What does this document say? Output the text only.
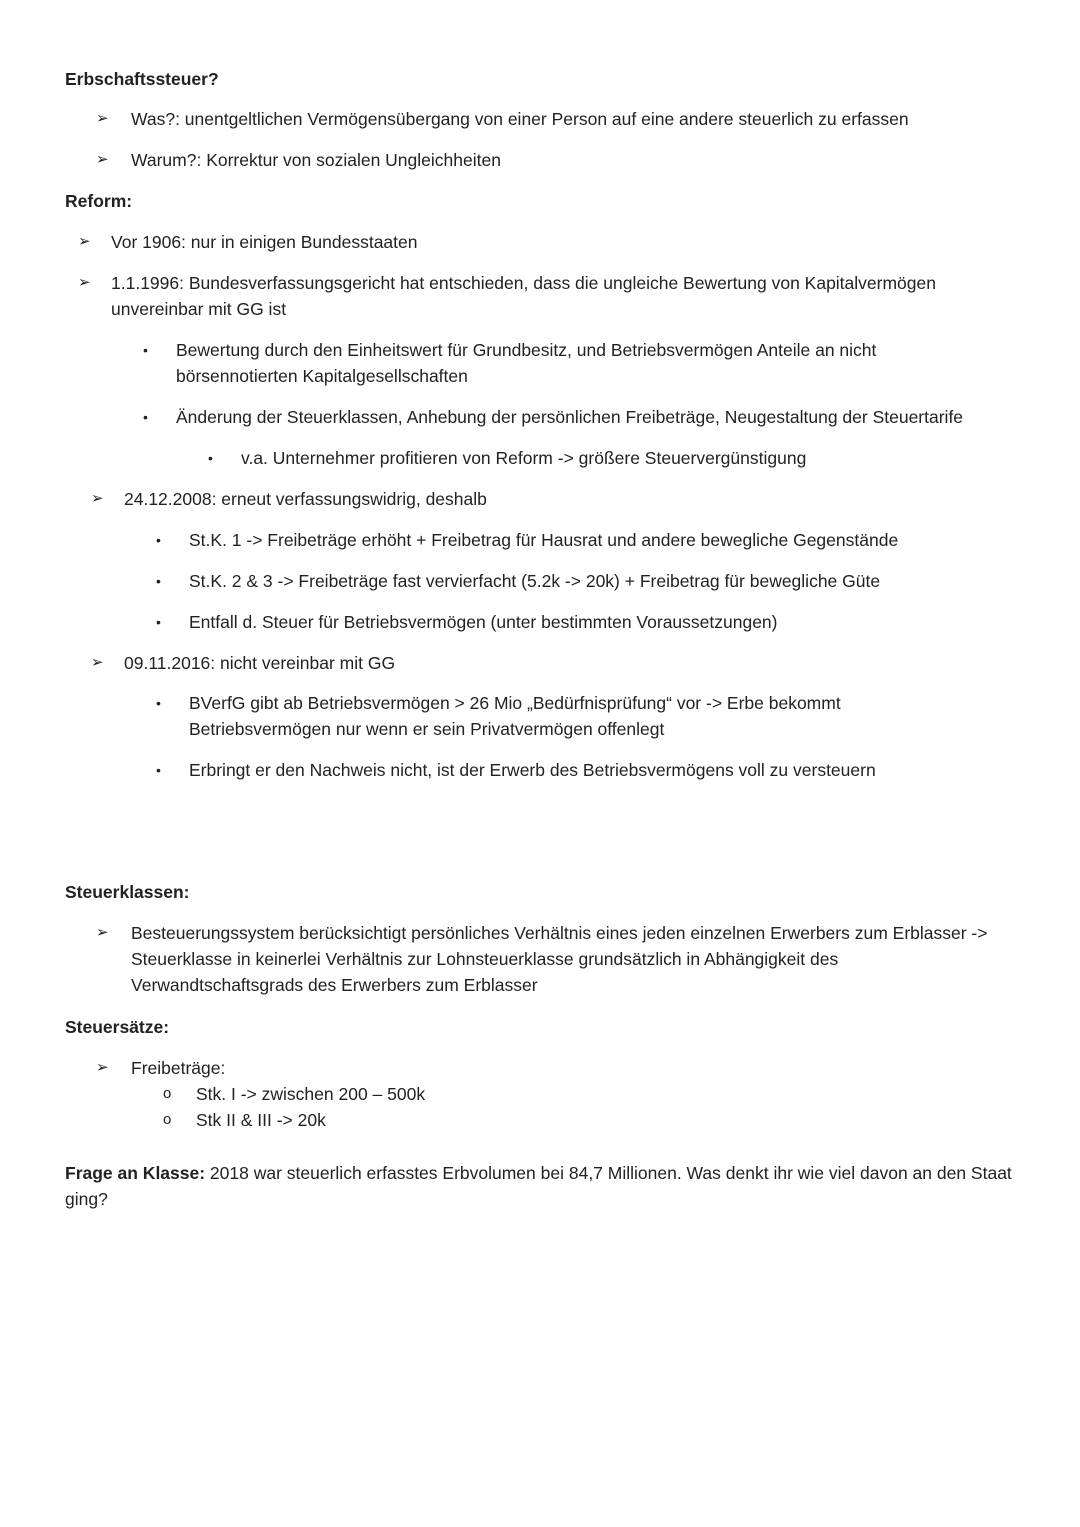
Erbschaftssteuer?
➢ Was?: unentgeltlichen Vermögensübergang von einer Person auf eine andere steuerlich zu erfassen
➢ Warum?: Korrektur von sozialen Ungleichheiten
Reform:
➢ Vor 1906: nur in einigen Bundesstaaten
➢ 1.1.1996: Bundesverfassungsgericht hat entschieden, dass die ungleiche Bewertung von Kapitalvermögen unvereinbar mit GG ist
• Bewertung durch den Einheitswert für Grundbesitz, und Betriebsvermögen Anteile an nicht börsennotierten Kapitalgesellschaften
• Änderung der Steuerklassen, Anhebung der persönlichen Freibeträge, Neugestaltung der Steuertarife
• v.a. Unternehmer profitieren von Reform -> größere Steuervergünstigung
➢ 24.12.2008: erneut verfassungswidrig, deshalb
• St.K. 1 -> Freibeträge erhöht + Freibetrag für Hausrat und andere bewegliche Gegenstände
• St.K. 2 & 3 -> Freibeträge fast vervierfacht (5.2k -> 20k) + Freibetrag für bewegliche Güte
• Entfall d. Steuer für Betriebsvermögen (unter bestimmten Voraussetzungen)
➢ 09.11.2016: nicht vereinbar mit GG
• BVerfG gibt ab Betriebsvermögen > 26 Mio „Bedürfnisprüfung“ vor -> Erbe bekommt Betriebsvermögen nur wenn er sein Privatvermögen offenlegt
• Erbringt er den Nachweis nicht, ist der Erwerb des Betriebsvermögens voll zu versteuern
Steuerklassen:
➢ Besteuerungssystem berücksichtigt persönliches Verhältnis eines jeden einzelnen Erwerbers zum Erblasser -> Steuerklasse in keinerlei Verhältnis zur Lohnsteuerklasse grundsätzlich in Abhängigkeit des Verwandtschaftsgrads des Erwerbers zum Erblasser
Steuersätze:
➢ Freibeträge:
o Stk. I -> zwischen 200 – 500k
o Stk II & III -> 20k
Frage an Klasse: 2018 war steuerlich erfasstes Erbvolumen bei 84,7 Millionen. Was denkt ihr wie viel davon an den Staat ging?
